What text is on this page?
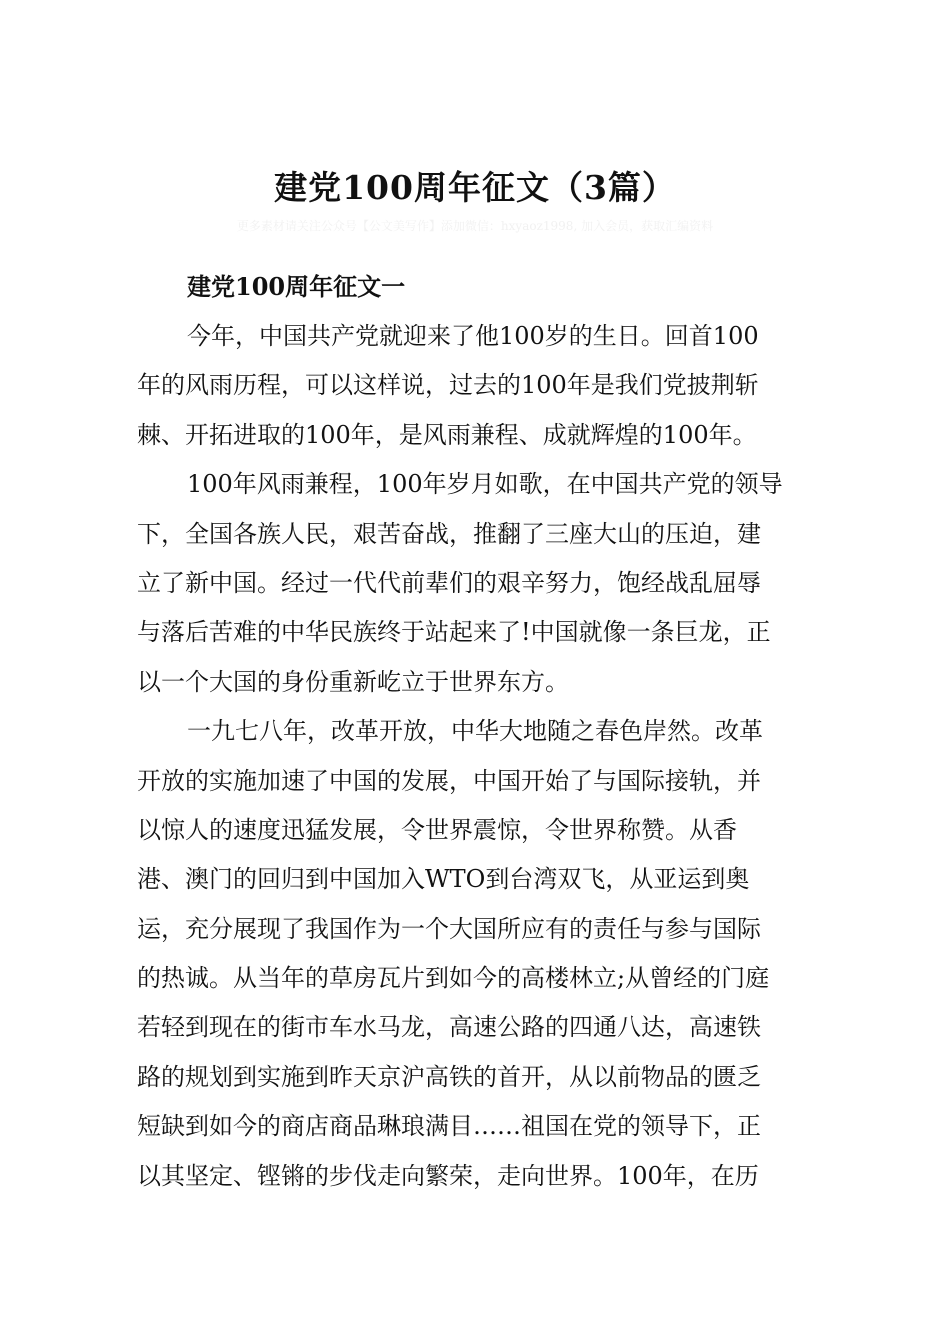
建党100周年征文（3篇）
更多素材请关注公众号【公文美写作】添加微信：hxyaoz1998, 加入会员，获取汇编资料
建党100周年征文一
今年，中国共产党就迎来了他100岁的生日。回首100
年的风雨历程，可以这样说，过去的100年是我们党披荆斩
棘、开拓进取的100年，是风雨兼程、成就辉煌的100年。
100年风雨兼程，100年岁月如歌，在中国共产党的领导
下，全国各族人民，艰苦奋战，推翻了三座大山的压迫，建
立了新中国。经过一代代前辈们的艰辛努力，饱经战乱屈辱
与落后苦难的中华民族终于站起来了!中国就像一条巨龙，正
以一个大国的身份重新屹立于世界东方。
一九七八年，改革开放，中华大地随之春色岸然。改革
开放的实施加速了中国的发展，中国开始了与国际接轨，并
以惊人的速度迅猛发展，令世界震惊，令世界称赞。从香
港、澳门的回归到中国加入WTO到台湾双飞，从亚运到奥
运，充分展现了我国作为一个大国所应有的责任与参与国际
的热诚。从当年的草房瓦片到如今的高楼林立;从曾经的门庭
若轻到现在的街市车水马龙，高速公路的四通八达，高速铁
路的规划到实施到昨天京沪高铁的首开，从以前物品的匮乏
短缺到如今的商店商品琳琅满目……祖国在党的领导下，正
以其坚定、铿锵的步伐走向繁荣，走向世界。100年，在历
